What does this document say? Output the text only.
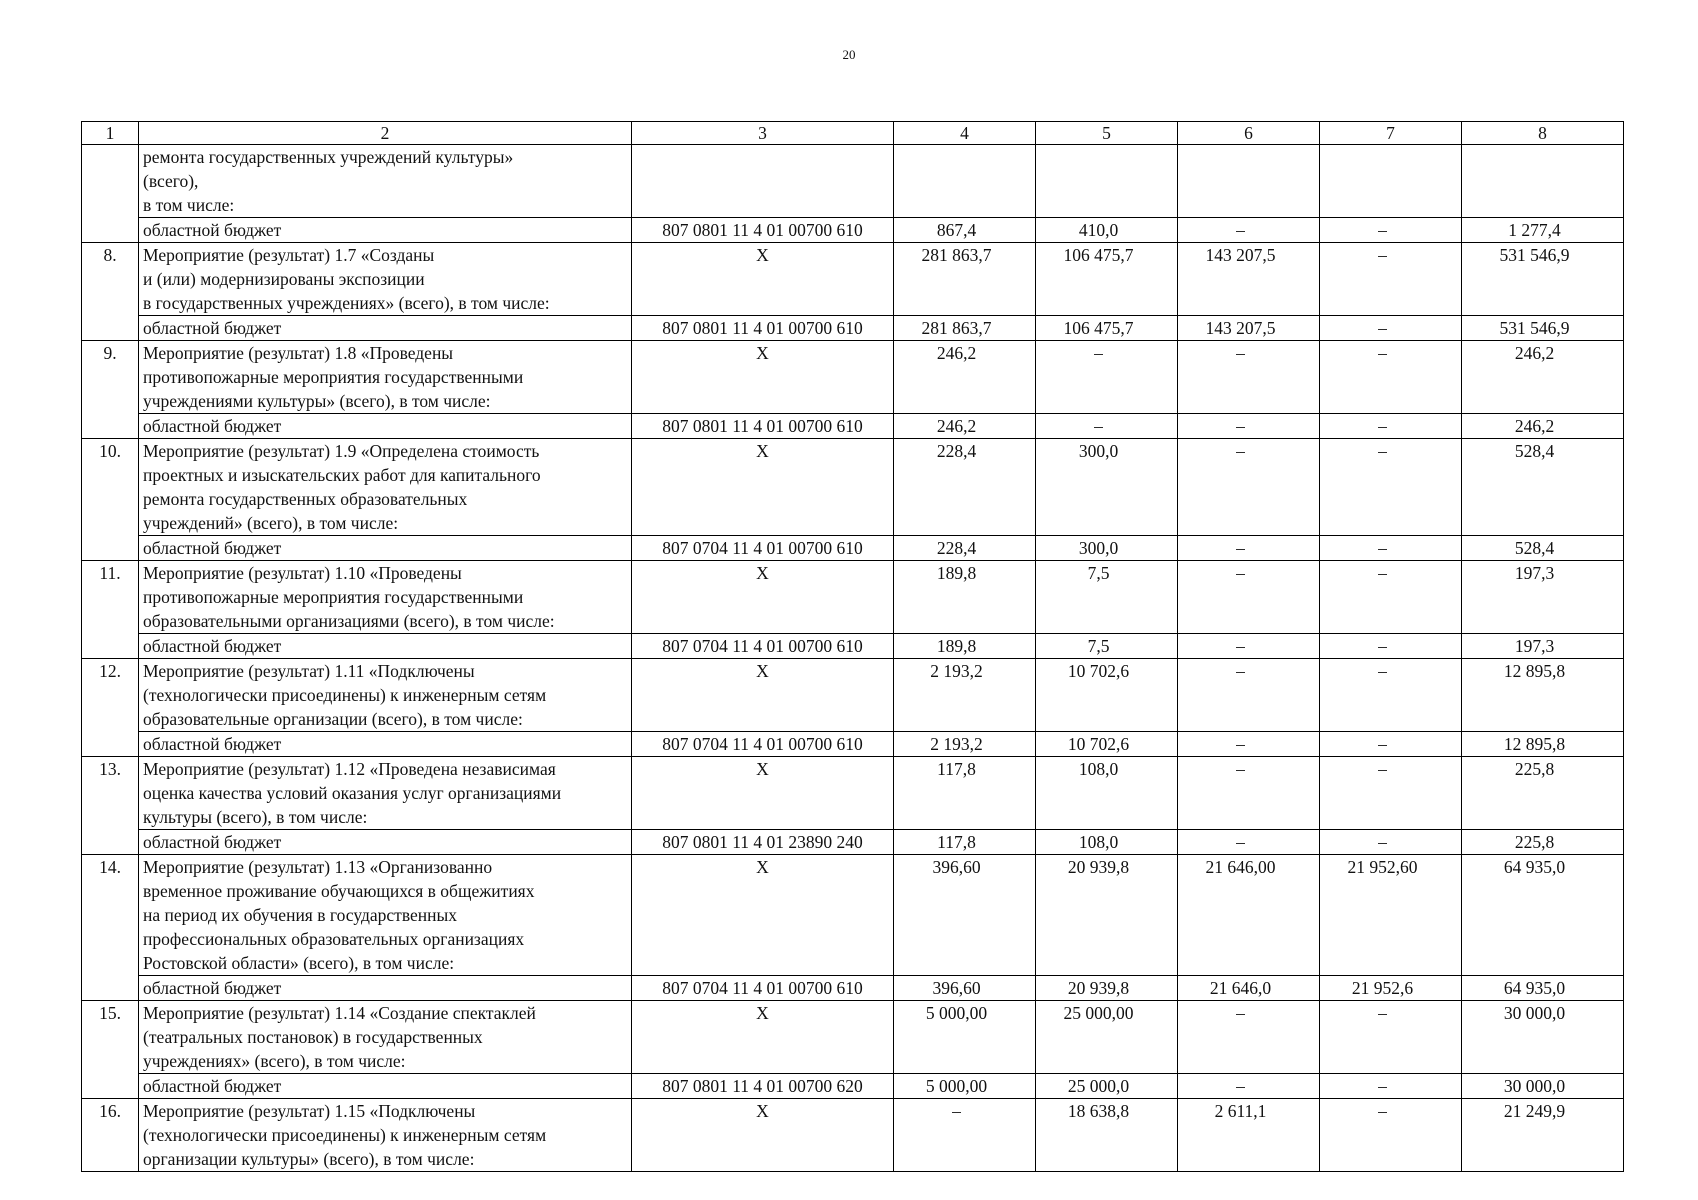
20
1	2	3	4	5	6	7	8
	ремонта государственных учреждений культуры»
(всего),
в том числе:						
	областной бюджет	807 0801 11 4 01 00700 610	867,4	410,0	–	–	1 277,4
8.	Мероприятие (результат) 1.7 «Созданы
и (или) модернизированы экспозиции
в государственных учреждениях» (всего), в том числе:	Х	281 863,7	106 475,7	143 207,5	–	531 546,9
	областной бюджет	807 0801 11 4 01 00700 610	281 863,7	106 475,7	143 207,5	–	531 546,9
9.	Мероприятие (результат) 1.8 «Проведены
противопожарные мероприятия государственными
учреждениями культуры» (всего), в том числе:	Х	246,2	–	–	–	246,2
	областной бюджет	807 0801 11 4 01 00700 610	246,2	–	–	–	246,2
10.	Мероприятие (результат) 1.9 «Определена стоимость
проектных и изыскательских работ для капитального
ремонта государственных образовательных
учреждений» (всего), в том числе:	Х	228,4	300,0	–	–	528,4
	областной бюджет	807 0704 11 4 01 00700 610	228,4	300,0	–	–	528,4
11.	Мероприятие (результат) 1.10 «Проведены
противопожарные мероприятия государственными
образовательными организациями (всего), в том числе:	Х	189,8	7,5	–	–	197,3
	областной бюджет	807 0704 11 4 01 00700 610	189,8	7,5	–	–	197,3
12.	Мероприятие (результат) 1.11 «Подключены
(технологически присоединены) к инженерным сетям
образовательные организации (всего), в том числе:	Х	2 193,2	10 702,6	–	–	12 895,8
	областной бюджет	807 0704 11 4 01 00700 610	2 193,2	10 702,6	–	–	12 895,8
13.	Мероприятие (результат) 1.12 «Проведена независимая
оценка качества условий оказания услуг организациями
культуры (всего), в том числе:	Х	117,8	108,0	–	–	225,8
	областной бюджет	807 0801 11 4 01 23890 240	117,8	108,0	–	–	225,8
14.	Мероприятие (результат) 1.13 «Организованно
временное проживание обучающихся в общежитиях
на период их обучения в государственных
профессиональных образовательных организациях
Ростовской области» (всего), в том числе:	Х	396,60	20 939,8	21 646,00	21 952,60	64 935,0
	областной бюджет	807 0704 11 4 01 00700 610	396,60	20 939,8	21 646,0	21 952,6	64 935,0
15.	Мероприятие (результат) 1.14 «Создание спектаклей
(театральных постановок) в государственных
учреждениях» (всего), в том числе:	Х	5 000,00	25 000,00	–	–	30 000,0
	областной бюджет	807 0801 11 4 01 00700 620	5 000,00	25 000,0	–	–	30 000,0
16.	Мероприятие (результат) 1.15 «Подключены
(технологически присоединены) к инженерным сетям
организации культуры» (всего), в том числе:	Х	–	18 638,8	2 611,1	–	21 249,9
